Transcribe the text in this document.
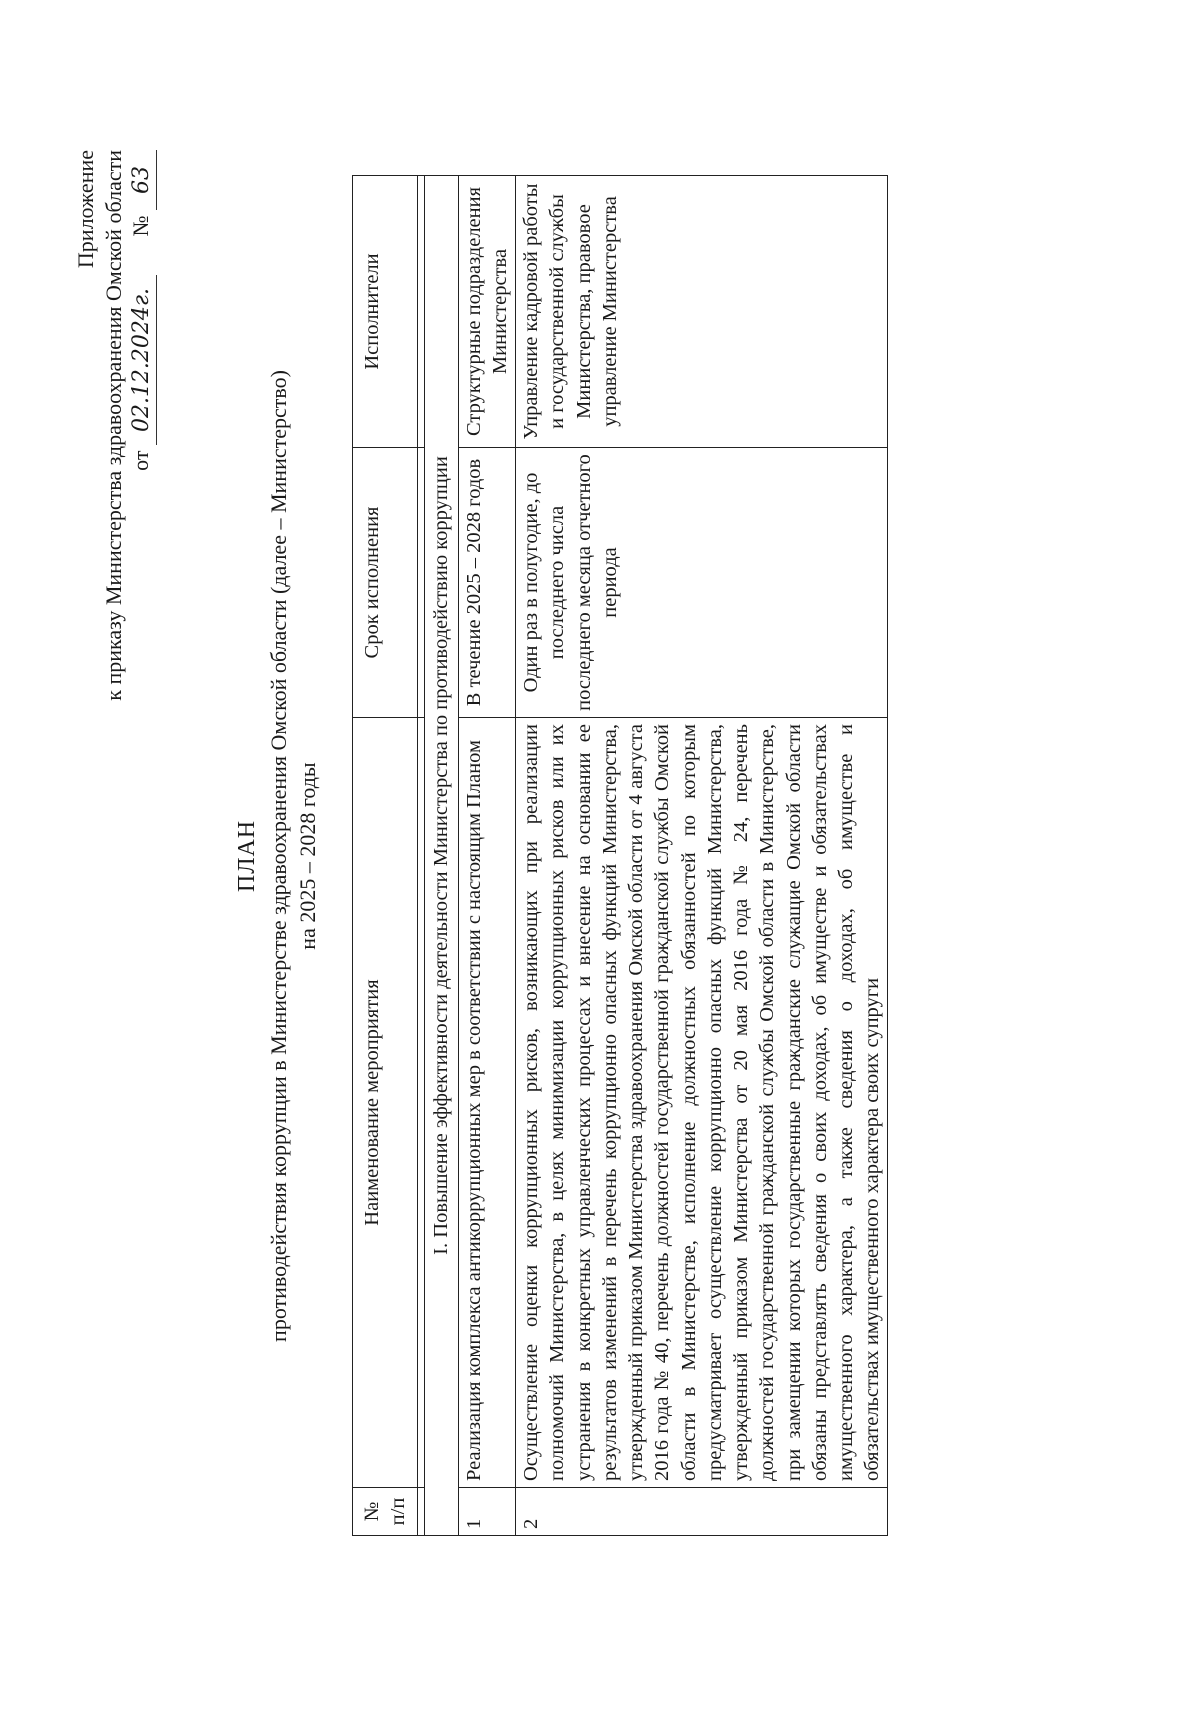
Приложение к приказу Министерства здравоохранения Омской области от 02.12.2024г.       № 63
ПЛАН противодействия коррупции в Министерстве здравоохранения Омской области (далее – Министерство) на 2025 – 2028 годы
№ п/п	Наименование мероприятия	Срок исполнения	Исполнители

I. Повышение эффективности деятельности Министерства по противодействию коррупции			
1	Реализация комплекса антикоррупционных мер в соответствии с настоящим Планом	В течение 2025 – 2028 годов	Структурные подразделения Министерства
2	Осуществление оценки коррупционных рисков, возникающих при реализации полномочий Министерства, в целях минимизации коррупционных рисков или их устранения в конкретных управленческих процессах и внесение на основании ее результатов изменений в перечень коррупционно опасных функций Министерства, утвержденный приказом Министерства здравоохранения Омской области от 4 августа 2016 года № 40, перечень должностей государственной гражданской службы Омской области в Министерстве, исполнение должностных обязанностей по которым предусматривает осуществление коррупционно опасных функций Министерства, утвержденный приказом Министерства от 20 мая 2016 года № 24, перечень должностей государственной гражданской службы Омской области в Министерстве, при замещении которых государственные гражданские служащие Омской области обязаны представлять сведения о своих доходах, об имуществе и обязательствах имущественного характера, а также сведения о доходах, об имуществе и обязательствах имущественного характера своих супруги	Один раз в полугодие, до последнего числа последнего месяца отчетного периода	Управление кадровой работы и государственной службы Министерства, правовое управление Министерства
